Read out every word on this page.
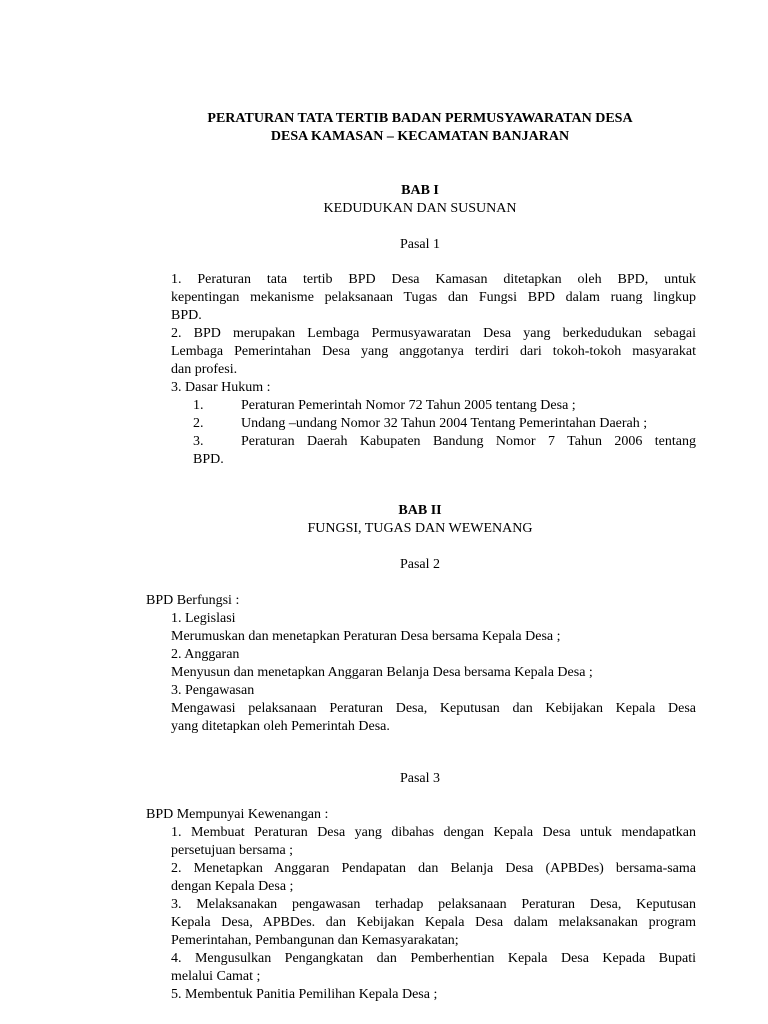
PERATURAN TATA TERTIB BADAN PERMUSYAWARATAN DESA
DESA KAMASAN – KECAMATAN BANJARAN
BAB I
KEDUDUKAN DAN SUSUNAN
Pasal 1
1. Peraturan tata tertib BPD Desa Kamasan ditetapkan oleh BPD, untuk
kepentingan mekanisme pelaksanaan Tugas dan Fungsi BPD dalam ruang lingkup
BPD.
2. BPD merupakan Lembaga Permusyawaratan Desa yang berkedudukan sebagai
Lembaga Pemerintahan Desa yang anggotanya terdiri dari tokoh-tokoh masyarakat
dan profesi.
3. Dasar Hukum :
1.	Peraturan Pemerintah Nomor 72 Tahun 2005 tentang Desa ;
2.	Undang –undang Nomor 32 Tahun 2004 Tentang Pemerintahan Daerah ;
3.	Peraturan Daerah Kabupaten Bandung Nomor 7 Tahun 2006 tentang
BPD.
BAB II
FUNGSI, TUGAS DAN WEWENANG
Pasal 2
BPD Berfungsi :
1. Legislasi
Merumuskan dan menetapkan Peraturan Desa bersama Kepala Desa ;
2. Anggaran
Menyusun dan menetapkan Anggaran Belanja Desa bersama Kepala Desa ;
3. Pengawasan
Mengawasi pelaksanaan Peraturan Desa, Keputusan dan Kebijakan Kepala Desa
yang ditetapkan oleh Pemerintah Desa.
Pasal 3
BPD Mempunyai Kewenangan :
1. Membuat Peraturan Desa yang dibahas dengan Kepala Desa untuk mendapatkan
persetujuan bersama ;
2. Menetapkan Anggaran Pendapatan dan Belanja Desa (APBDes) bersama-sama
dengan Kepala Desa ;
3. Melaksanakan pengawasan terhadap pelaksanaan Peraturan Desa, Keputusan
Kepala Desa, APBDes. dan Kebijakan Kepala Desa dalam melaksanakan program
Pemerintahan, Pembangunan dan Kemasyarakatan;
4. Mengusulkan Pengangkatan dan Pemberhentian Kepala Desa Kepada Bupati
melalui Camat ;
5. Membentuk Panitia Pemilihan Kepala Desa ;
